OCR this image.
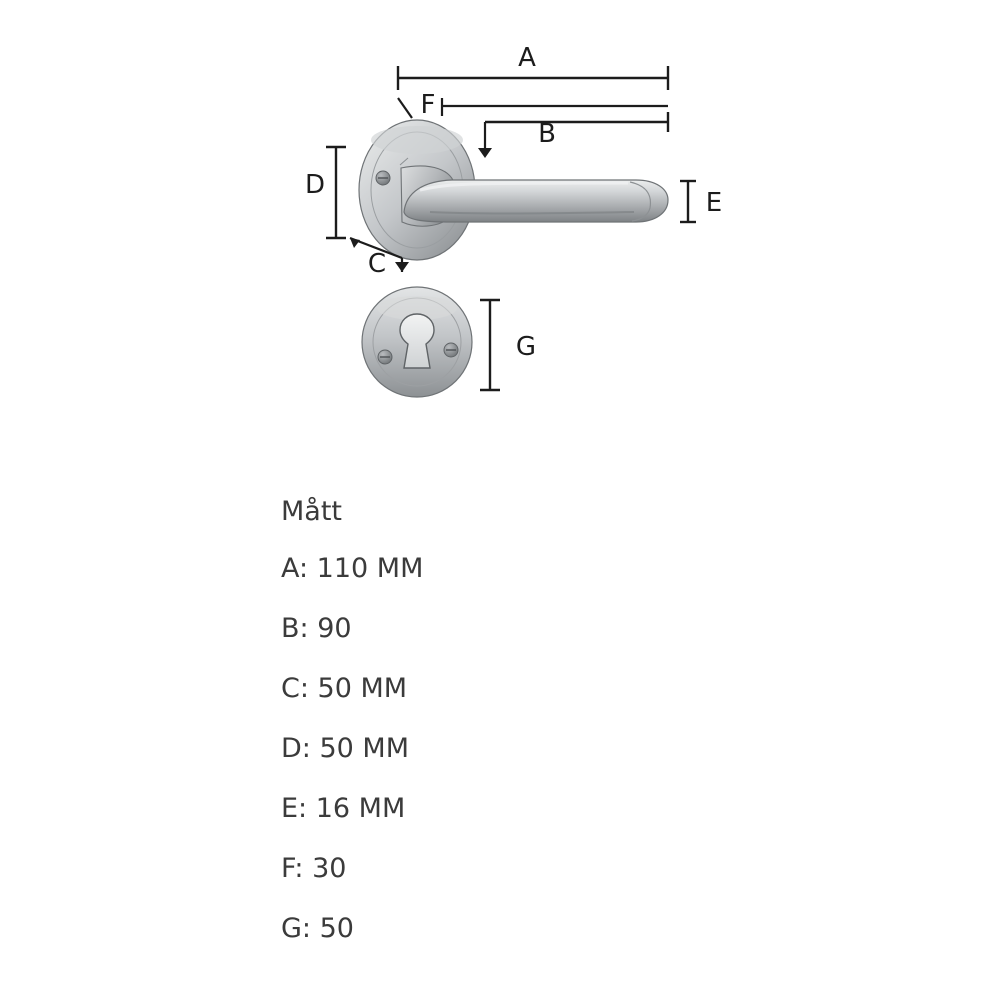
A
F
B
D
C
E
G
Mått
A: 110 MM
B: 90
C: 50 MM
D: 50 MM
E: 16 MM
F: 30
G: 50
